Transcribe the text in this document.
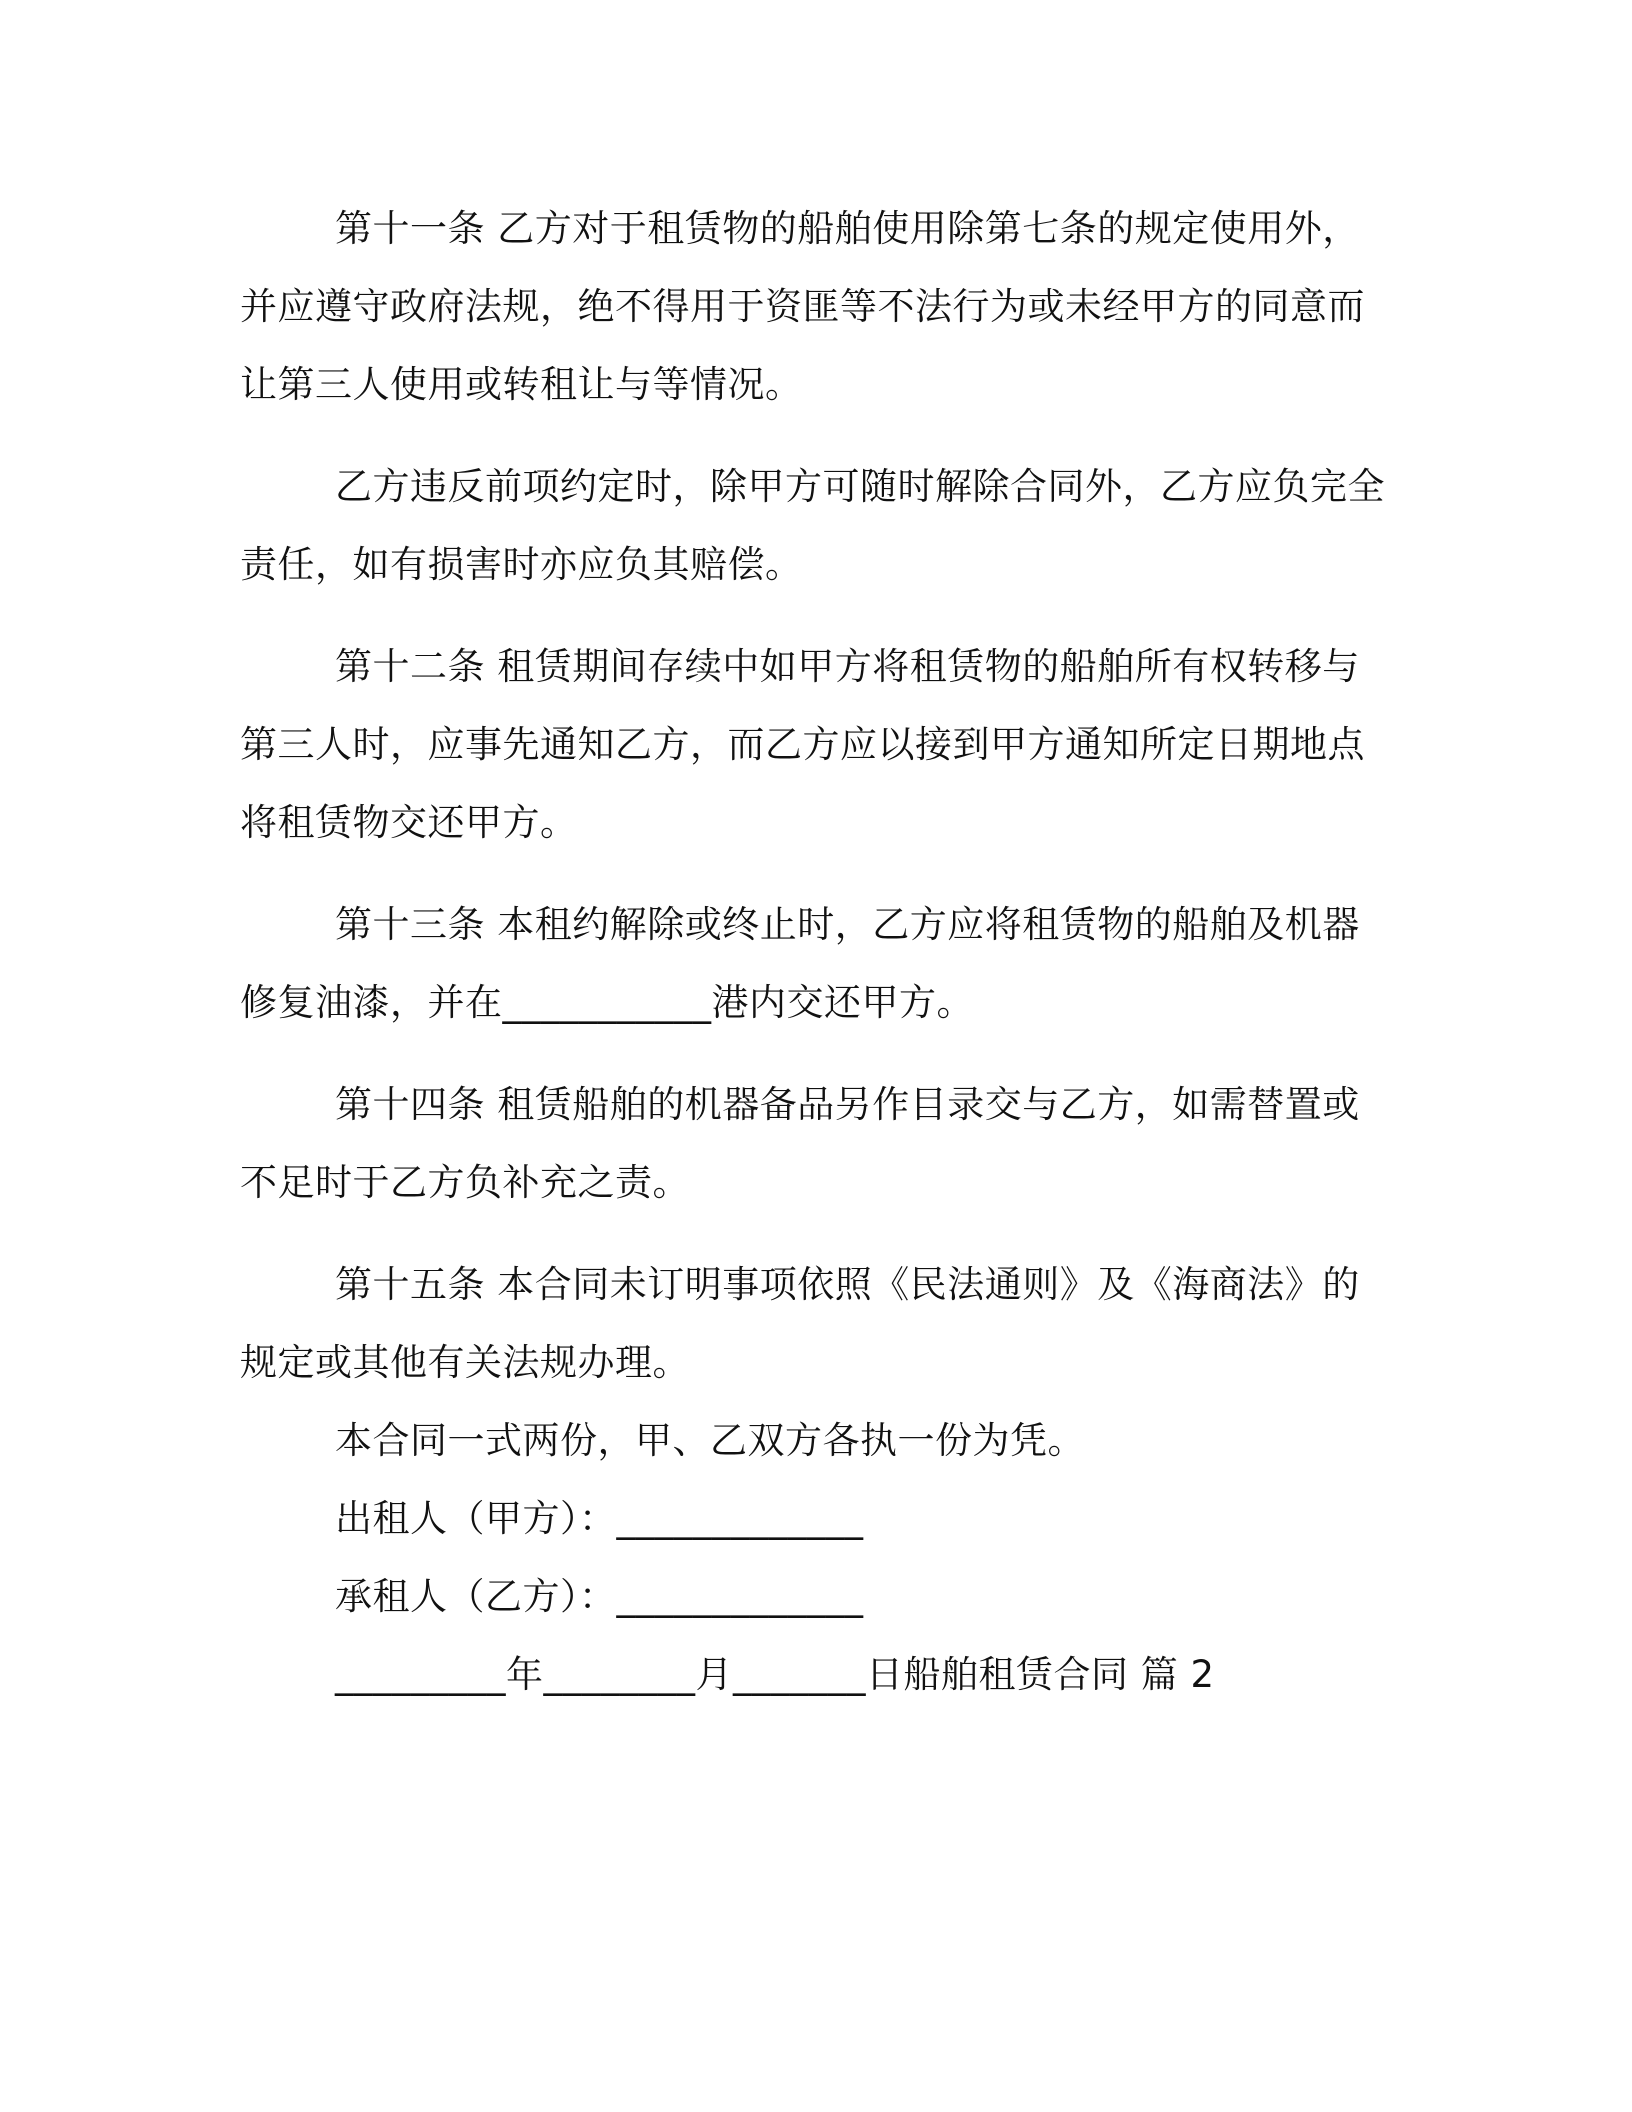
第十一条 乙方对于租赁物的船舶使用除第七条的规定使用外，并应遵守政府法规，绝不得用于资匪等不法行为或未经甲方的同意而让第三人使用或转租让与等情况。

乙方违反前项约定时，除甲方可随时解除合同外，乙方应负完全责任，如有损害时亦应负其赔偿。

第十二条 租赁期间存续中如甲方将租赁物的船舶所有权转移与第三人时，应事先通知乙方，而乙方应以接到甲方通知所定日期地点将租赁物交还甲方。

第十三条 本租约解除或终止时，乙方应将租赁物的船舶及机器修复油漆，并在___________港内交还甲方。

第十四条 租赁船舶的机器备品另作目录交与乙方，如需替置或不足时于乙方负补充之责。

第十五条 本合同未订明事项依照《民法通则》及《海商法》的规定或其他有关法规办理。

本合同一式两份，甲、乙双方各执一份为凭。

出租人（甲方）：_____________

承租人（乙方）：_____________

_________年________月_______日船舶租赁合同 篇 2
